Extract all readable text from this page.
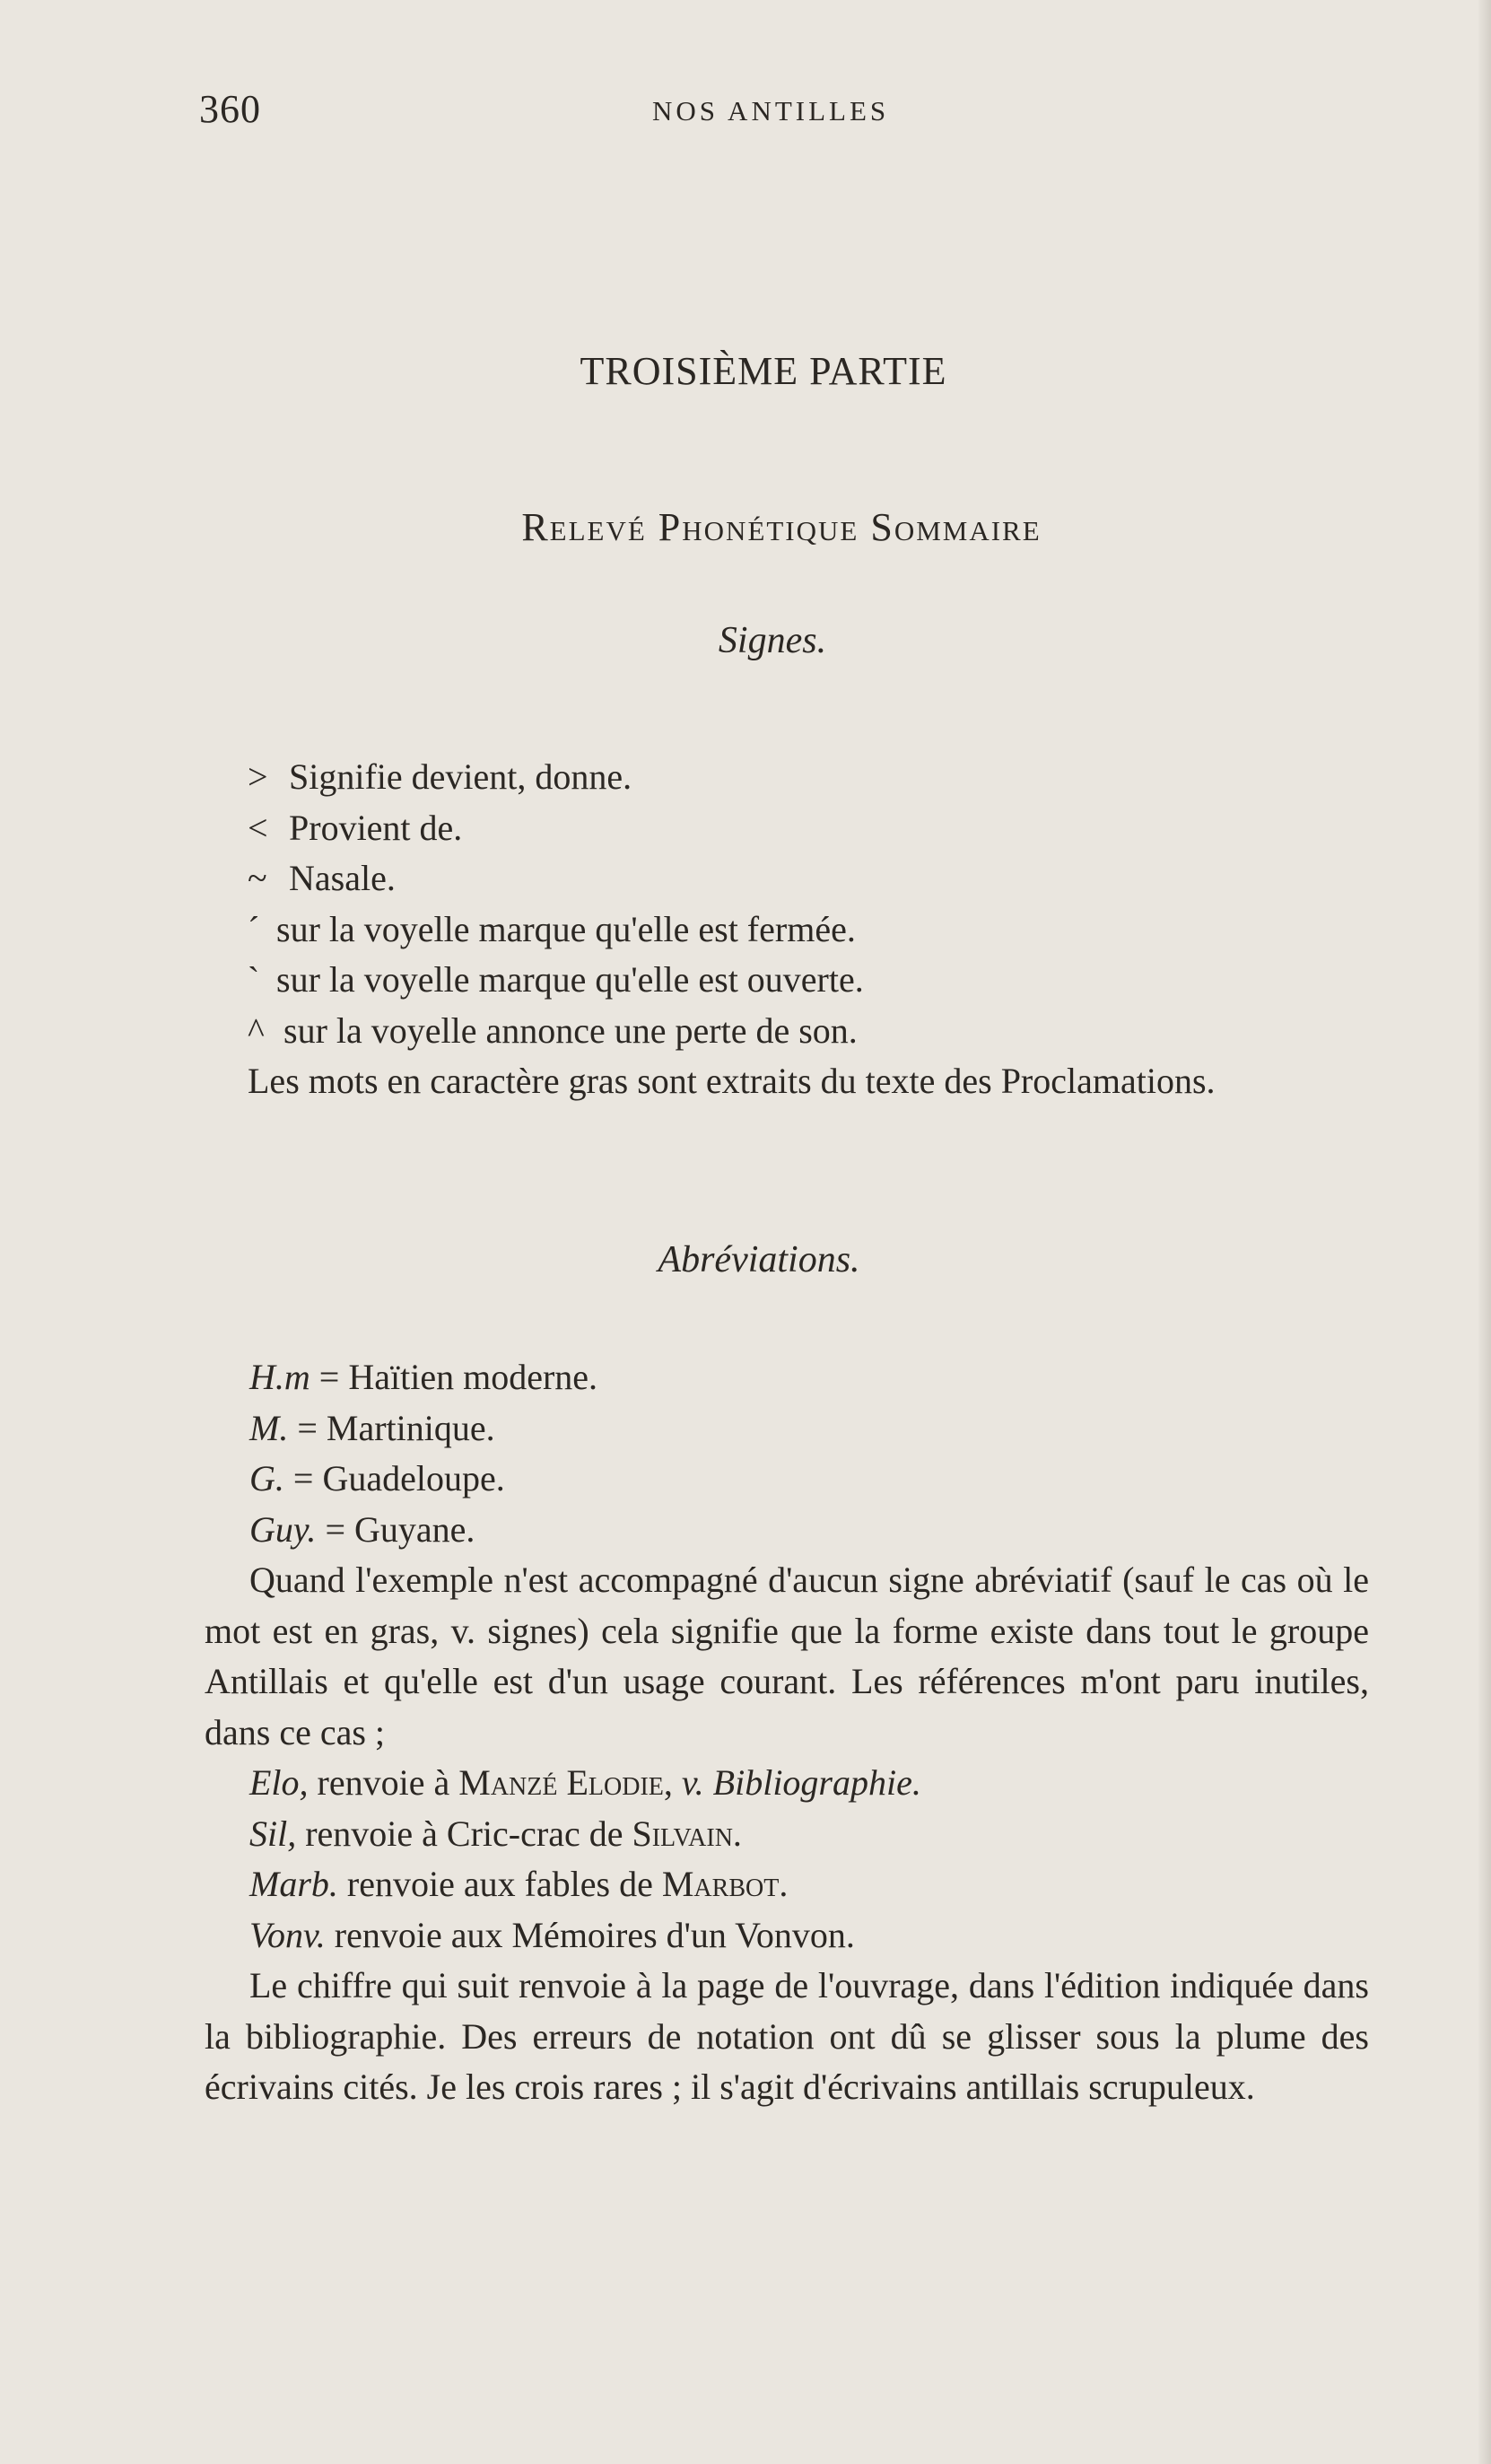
360	NOS ANTILLES
TROISIÈME PARTIE
Relevé Phonétique Sommaire
Signes.
> Signifie devient, donne.
< Provient de.
~ Nasale.
´ sur la voyelle marque qu'elle est fermée.
` sur la voyelle marque qu'elle est ouverte.
^ sur la voyelle annonce une perte de son.
Les mots en caractère gras sont extraits du texte des Proclamations.
Abréviations.
H.m = Haïtien moderne.
M. = Martinique.
G. = Guadeloupe.
Guy. = Guyane.
Quand l'exemple n'est accompagné d'aucun signe abréviatif (sauf le cas où le mot est en gras, v. signes) cela signifie que la forme existe dans tout le groupe Antillais et qu'elle est d'un usage courant. Les références m'ont paru inutiles, dans ce cas ;
Elo, renvoie à Manzé Elodie, v. Bibliographie.
Sil, renvoie à Cric-crac de Silvain.
Marb. renvoie aux fables de Marbot.
Vonv. renvoie aux Mémoires d'un Vonvon.
Le chiffre qui suit renvoie à la page de l'ouvrage, dans l'édition indiquée dans la bibliographie. Des erreurs de notation ont dû se glisser sous la plume des écrivains cités. Je les crois rares ; il s'agit d'écrivains antillais scrupuleux.
